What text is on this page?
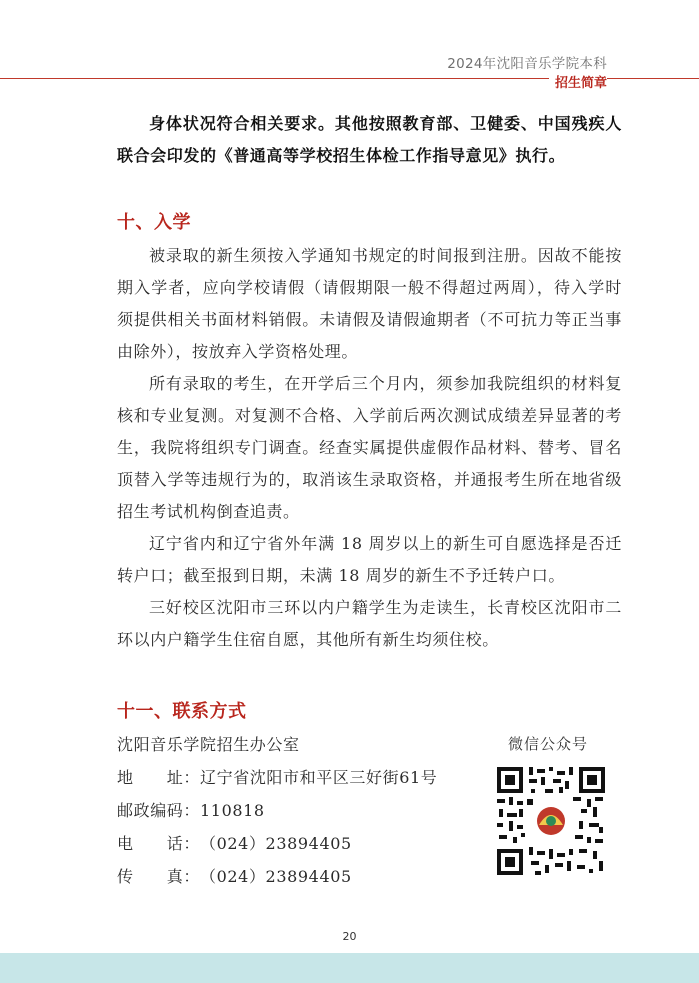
2024年沈阳音乐学院本科
招生简章

身体状况符合相关要求。其他按照教育部、卫健委、中国残疾人联合会印发的《普通高等学校招生体检工作指导意见》执行。

十、入学

被录取的新生须按入学通知书规定的时间报到注册。因故不能按期入学者，应向学校请假（请假期限一般不得超过两周），待入学时须提供相关书面材料销假。未请假及请假逾期者（不可抗力等正当事由除外），按放弃入学资格处理。

所有录取的考生，在开学后三个月内，须参加我院组织的材料复核和专业复测。对复测不合格、入学前后两次测试成绩差异显著的考生，我院将组织专门调查。经查实属提供虚假作品材料、替考、冒名顶替入学等违规行为的，取消该生录取资格，并通报考生所在地省级招生考试机构倒查追责。

辽宁省内和辽宁省外年满 18 周岁以上的新生可自愿选择是否迁转户口；截至报到日期，未满 18 周岁的新生不予迁转户口。

三好校区沈阳市三环以内户籍学生为走读生，长青校区沈阳市二环以内户籍学生住宿自愿，其他所有新生均须住校。

十一、联系方式
沈阳音乐学院招生办公室
地　　址：辽宁省沈阳市和平区三好街61号
邮政编码：110818
电　　话：（024）23894405
传　　真：（024）23894405
微信公众号
20
